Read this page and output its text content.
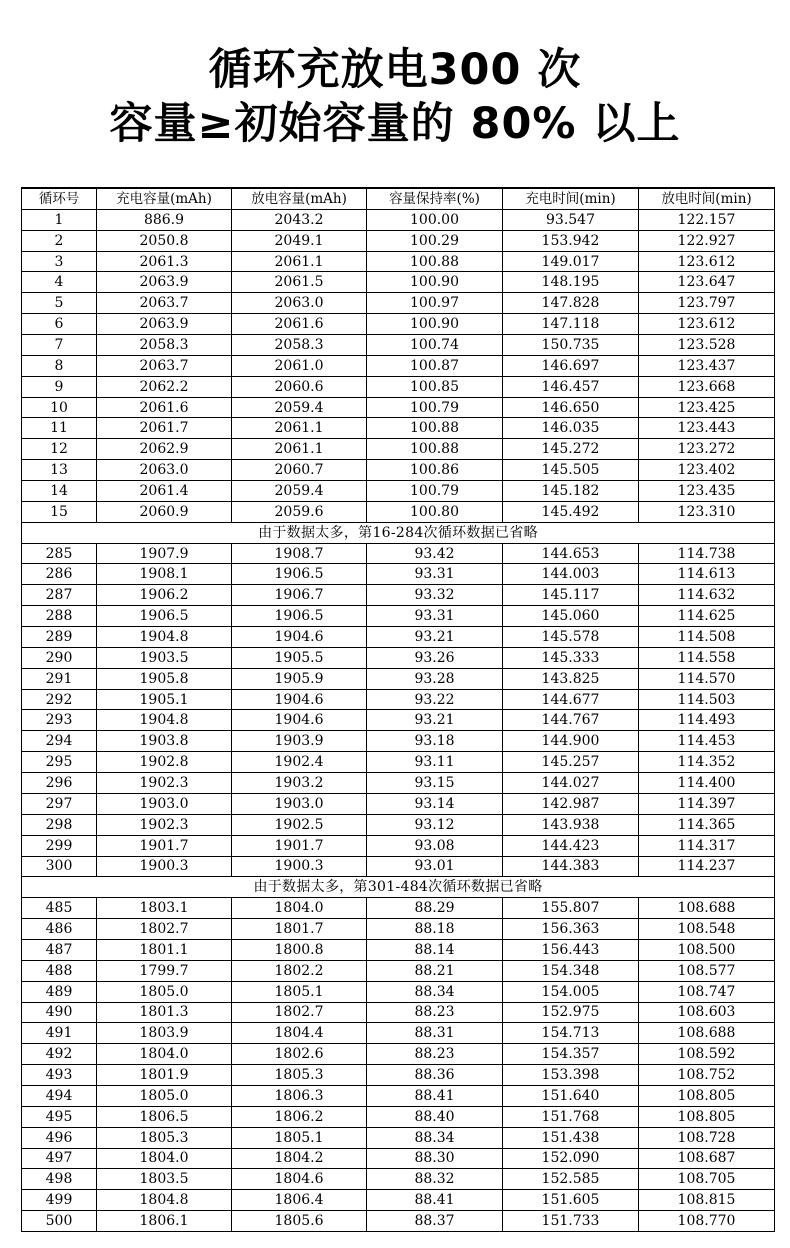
循环充放电300 次
容量≥初始容量的 80% 以上
循环号	充电容量(mAh)	放电容量(mAh)	容量保持率(%)	充电时间(min)	放电时间(min)
1	886.9	2043.2	100.00	93.547	122.157
2	2050.8	2049.1	100.29	153.942	122.927
3	2061.3	2061.1	100.88	149.017	123.612
4	2063.9	2061.5	100.90	148.195	123.647
5	2063.7	2063.0	100.97	147.828	123.797
6	2063.9	2061.6	100.90	147.118	123.612
7	2058.3	2058.3	100.74	150.735	123.528
8	2063.7	2061.0	100.87	146.697	123.437
9	2062.2	2060.6	100.85	146.457	123.668
10	2061.6	2059.4	100.79	146.650	123.425
11	2061.7	2061.1	100.88	146.035	123.443
12	2062.9	2061.1	100.88	145.272	123.272
13	2063.0	2060.7	100.86	145.505	123.402
14	2061.4	2059.4	100.79	145.182	123.435
15	2060.9	2059.6	100.80	145.492	123.310
由于数据太多，第16-284次循环数据已省略					
285	1907.9	1908.7	93.42	144.653	114.738
286	1908.1	1906.5	93.31	144.003	114.613
287	1906.2	1906.7	93.32	145.117	114.632
288	1906.5	1906.5	93.31	145.060	114.625
289	1904.8	1904.6	93.21	145.578	114.508
290	1903.5	1905.5	93.26	145.333	114.558
291	1905.8	1905.9	93.28	143.825	114.570
292	1905.1	1904.6	93.22	144.677	114.503
293	1904.8	1904.6	93.21	144.767	114.493
294	1903.8	1903.9	93.18	144.900	114.453
295	1902.8	1902.4	93.11	145.257	114.352
296	1902.3	1903.2	93.15	144.027	114.400
297	1903.0	1903.0	93.14	142.987	114.397
298	1902.3	1902.5	93.12	143.938	114.365
299	1901.7	1901.7	93.08	144.423	114.317
300	1900.3	1900.3	93.01	144.383	114.237
由于数据太多，第301-484次循环数据已省略					
485	1803.1	1804.0	88.29	155.807	108.688
486	1802.7	1801.7	88.18	156.363	108.548
487	1801.1	1800.8	88.14	156.443	108.500
488	1799.7	1802.2	88.21	154.348	108.577
489	1805.0	1805.1	88.34	154.005	108.747
490	1801.3	1802.7	88.23	152.975	108.603
491	1803.9	1804.4	88.31	154.713	108.688
492	1804.0	1802.6	88.23	154.357	108.592
493	1801.9	1805.3	88.36	153.398	108.752
494	1805.0	1806.3	88.41	151.640	108.805
495	1806.5	1806.2	88.40	151.768	108.805
496	1805.3	1805.1	88.34	151.438	108.728
497	1804.0	1804.2	88.30	152.090	108.687
498	1803.5	1804.6	88.32	152.585	108.705
499	1804.8	1806.4	88.41	151.605	108.815
500	1806.1	1805.6	88.37	151.733	108.770
